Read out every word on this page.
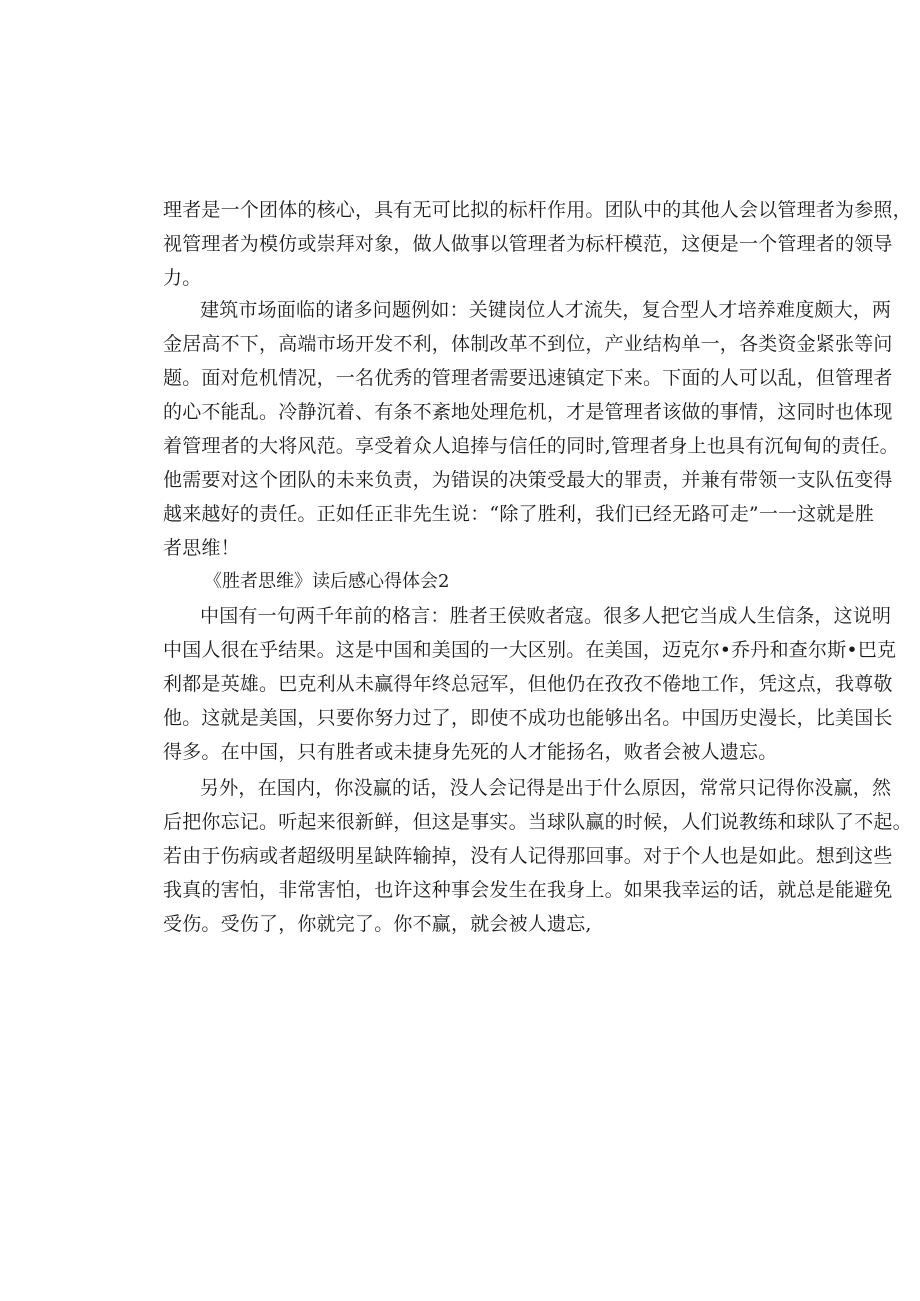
理者是一个团体的核心，具有无可比拟的标杆作用。团队中的其他人会以管理者为参照，
视管理者为模仿或崇拜对象，做人做事以管理者为标杆模范，这便是一个管理者的领导
力。
建筑市场面临的诸多问题例如：关键岗位人才流失，复合型人才培养难度颇大，两
金居高不下，高端市场开发不利，体制改革不到位，产业结构单一，各类资金紧张等问
题。面对危机情况，一名优秀的管理者需要迅速镇定下来。下面的人可以乱，但管理者
的心不能乱。冷静沉着、有条不紊地处理危机，才是管理者该做的事情，这同时也体现
着管理者的大将风范。享受着众人追捧与信任的同时,管理者身上也具有沉甸甸的责任。
他需要对这个团队的未来负责，为错误的决策受最大的罪责，并兼有带领一支队伍变得
越来越好的责任。正如任正非先生说：“除了胜利，我们已经无路可走”一一这就是胜
者思维！
《胜者思维》读后感心得体会2
中国有一句两千年前的格言：胜者王侯败者寇。很多人把它当成人生信条，这说明
中国人很在乎结果。这是中国和美国的一大区别。在美国，迈克尔•乔丹和查尔斯•巴克
利都是英雄。巴克利从未赢得年终总冠军，但他仍在孜孜不倦地工作，凭这点，我尊敬
他。这就是美国，只要你努力过了，即使不成功也能够出名。中国历史漫长，比美国长
得多。在中国，只有胜者或未捷身先死的人才能扬名，败者会被人遗忘。
另外，在国内，你没赢的话，没人会记得是出于什么原因，常常只记得你没赢，然
后把你忘记。听起来很新鲜，但这是事实。当球队赢的时候，人们说教练和球队了不起。
若由于伤病或者超级明星缺阵输掉，没有人记得那回事。对于个人也是如此。想到这些
我真的害怕，非常害怕，也许这种事会发生在我身上。如果我幸运的话，就总是能避免
受伤。受伤了，你就完了。你不赢，就会被人遗忘,
